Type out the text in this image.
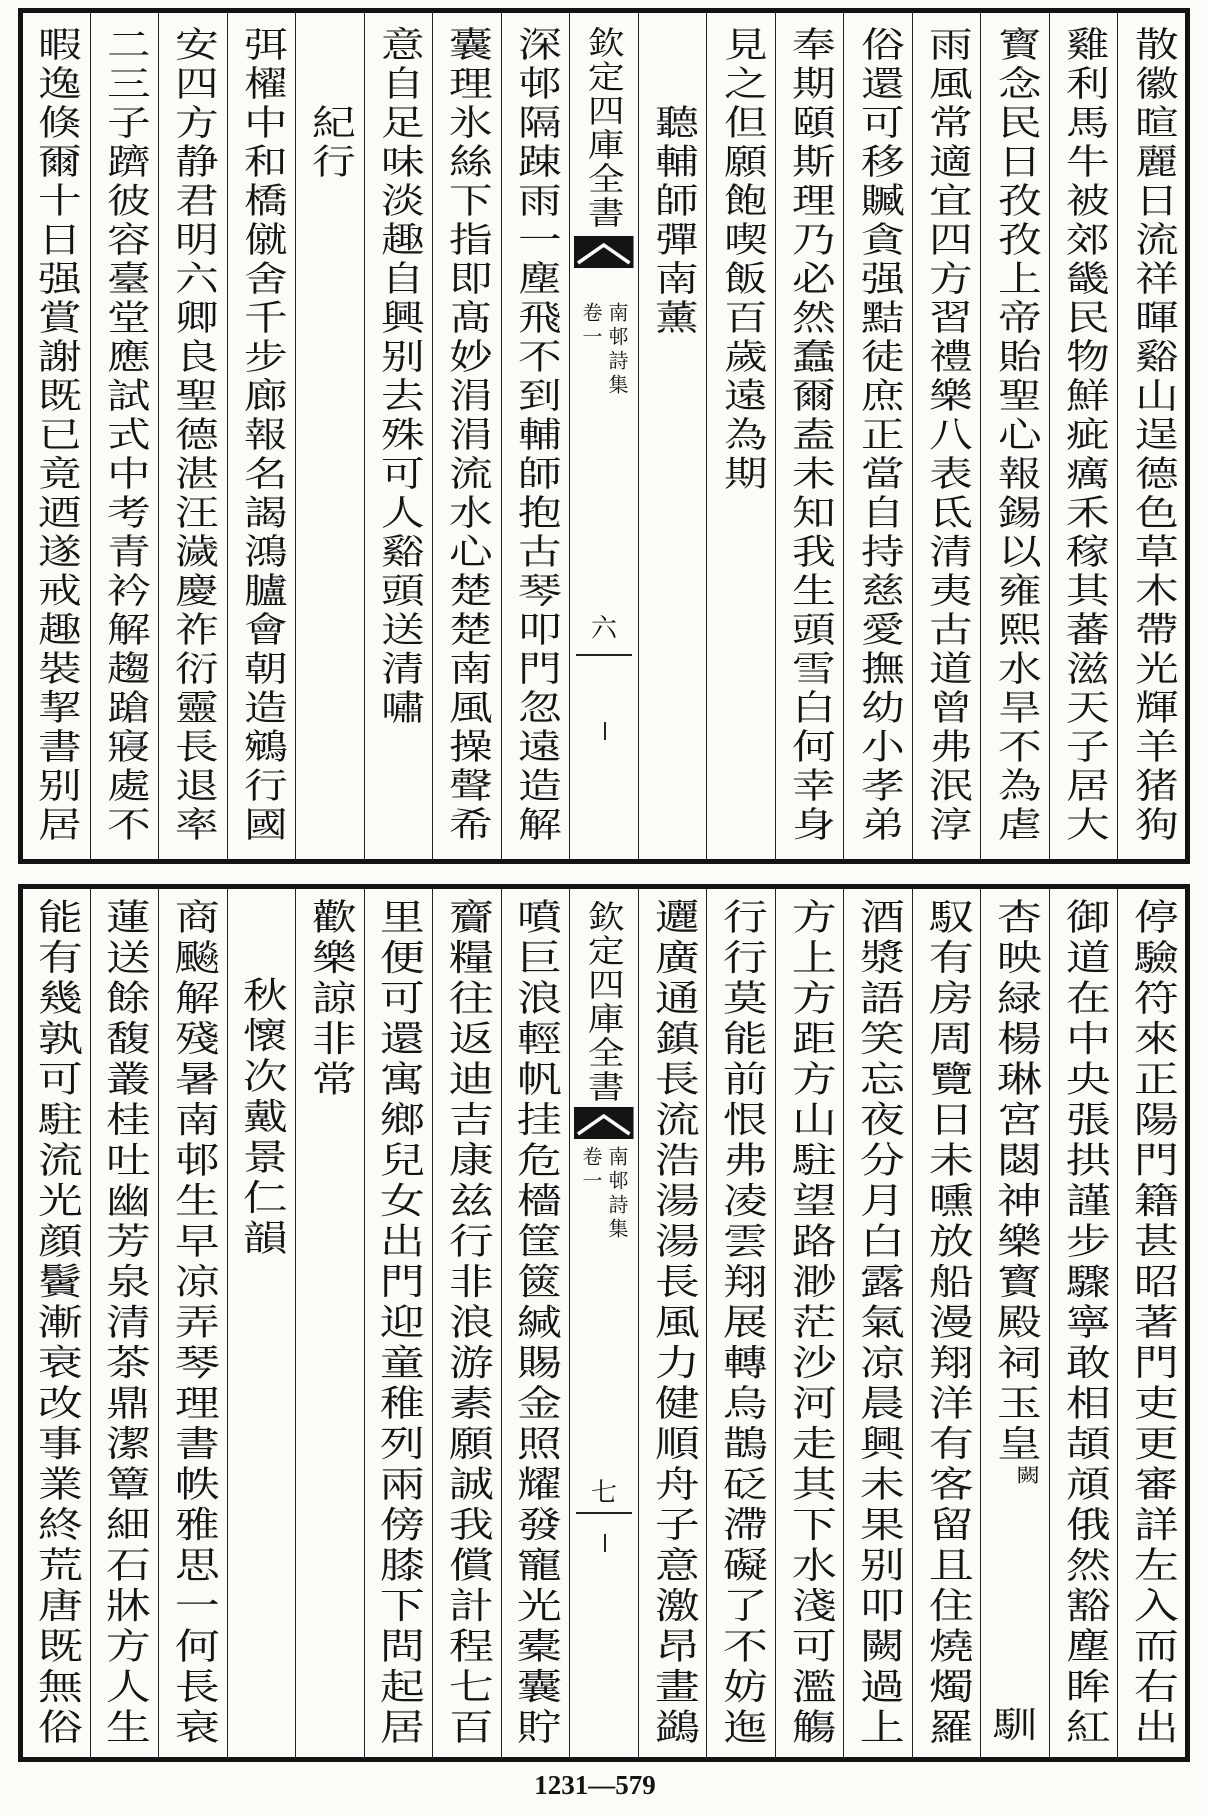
散徽暄麗日流祥暉谿山逞德色草木帶光輝羊猪狗
雞利馬牛被郊畿民物鮮疵癘禾稼其蕃滋天子居大
寳念民日孜孜上帝貽聖心報錫以雍熙水旱不為虐
雨風常適宜四方習禮樂八表氐清夷古道曾弗泯淳
俗還可移贓貪强黠徒庶正當自持慈愛撫幼小孝弟
奉期頤斯理乃必然蠢爾盍未知我生頭雪白何幸身
見之但願飽喫飯百歲遠為期
聽輔師彈南薰
欽定四庫全書
南邨詩集
卷一
六
深邨隔踈雨一塵飛不到輔師抱古琴叩門忽遠造解
囊理氷絲下指即髙妙涓涓流水心楚楚南風操聲希
意自足味淡趣自興别去殊可人谿頭送清嘯
紀行
弭櫂中和橋僦舍千步廊報名謁鴻臚會朝造鵷行國
安四方静君明六卿良聖德湛汪濊慶祚衍靈長退率
二三子躋彼容臺堂應試式中考青衿解趨蹌寢處不
暇逸倏爾十日强賞謝既已竟迺遂戒趣裝挈書别居
停驗符來正陽門籍甚昭著門吏更審詳左入而右出
御道在中央張拱謹步驟寧敢相頡頏俄然豁塵眸紅
杏映緑楊琳宮閟神樂寳殿祠玉皇闕
馴
馭有房周覽日未曛放船漫翔洋有客留且住燒燭羅
酒漿語笑忘夜分月白露氣凉晨興未果别叩闕過上
方上方距方山駐望路渺茫沙河走其下水淺可濫觴
行行莫能前恨弗凌雲翔展轉烏鵲砭滯礙了不妨迤
邐廣通鎮長流浩湯湯長風力健順舟子意激昂畫鷁
欽定四庫全書
南邨詩集
卷一
七
噴巨浪輕帆挂危檣筐篋緘賜金照耀發寵光橐囊貯
齎糧往返迪吉康兹行非浪游素願誠我償計程七百
里便可還寓鄉兒女出門迎童稚列兩傍膝下問起居
歡樂諒非常
秋懷次戴景仁韻
商飈解殘暑南邨生早凉弄琴理書帙雅思一何長衰
蓮送餘馥叢桂吐幽芳泉清茶鼎潔簟細石牀方人生
能有幾孰可駐流光顔鬢漸衰改事業終荒唐既無俗
1231—579
